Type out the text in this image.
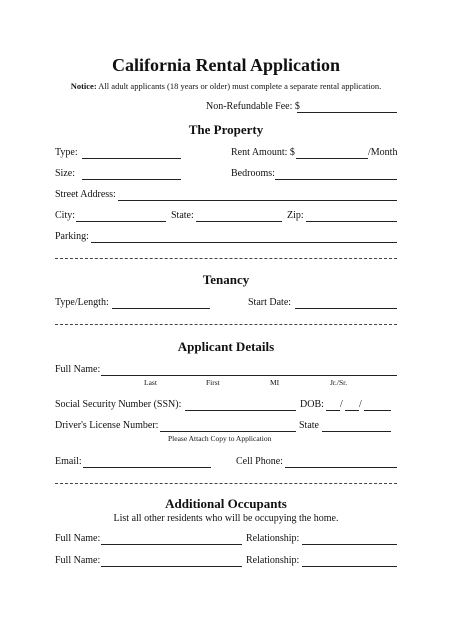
California Rental Application
Notice: All adult applicants (18 years or older) must complete a separate rental application.
Non-Refundable Fee: $
The Property
Type:	Rent Amount: $	/Month
Size:	Bedrooms:
Street Address:
City:	State:	Zip:
Parking:
Tenancy
Type/Length:	Start Date:
Applicant Details
Full Name:
Last	First	MI	Jr./Sr.
Social Security Number (SSN):	DOB: / /
Driver's License Number:	State
Please Attach Copy to Application
Email:	Cell Phone:
Additional Occupants
List all other residents who will be occupying the home.
Full Name:	Relationship:
Full Name:	Relationship:
